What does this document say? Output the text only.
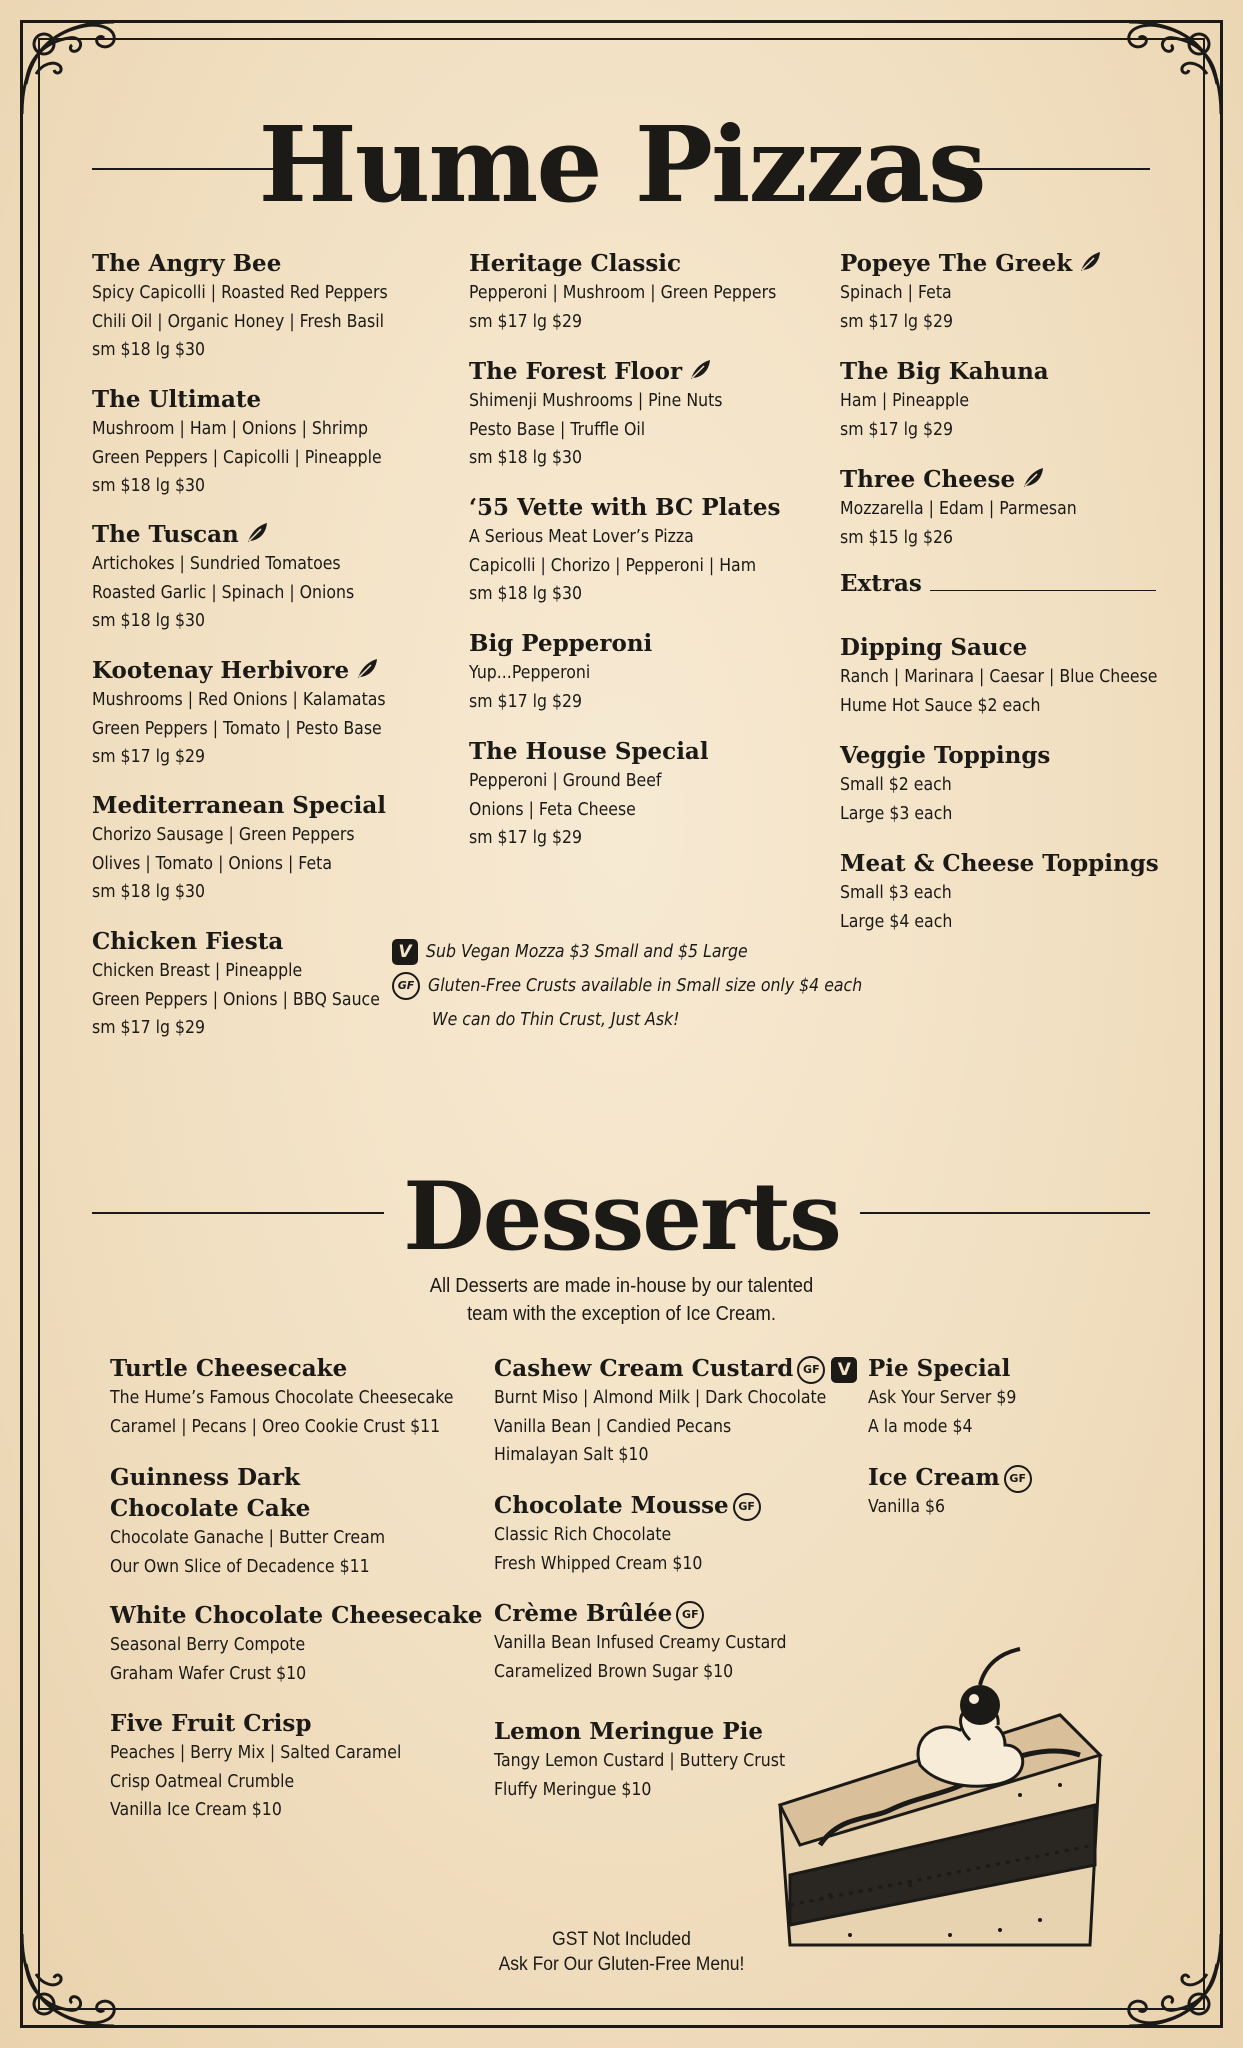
Hume Pizzas
The Angry Bee
Spicy Capicolli | Roasted Red Peppers
Chili Oil | Organic Honey | Fresh Basil
sm $18 lg $30
The Ultimate
Mushroom | Ham | Onions | Shrimp
Green Peppers | Capicolli | Pineapple
sm $18 lg $30
The Tuscan
Artichokes | Sundried Tomatoes
Roasted Garlic | Spinach | Onions
sm $18 lg $30
Kootenay Herbivore
Mushrooms | Red Onions | Kalamatas
Green Peppers | Tomato | Pesto Base
sm $17 lg $29
Mediterranean Special
Chorizo Sausage | Green Peppers
Olives | Tomato | Onions | Feta
sm $18 lg $30
Chicken Fiesta
Chicken Breast | Pineapple
Green Peppers | Onions | BBQ Sauce
sm $17 lg $29
Heritage Classic
Pepperoni | Mushroom | Green Peppers
sm $17 lg $29
The Forest Floor
Shimenji Mushrooms | Pine Nuts
Pesto Base | Truffle Oil
sm $18 lg $30
‘55 Vette with BC Plates
A Serious Meat Lover’s Pizza
Capicolli | Chorizo | Pepperoni | Ham
sm $18 lg $30
Big Pepperoni
Yup...Pepperoni
sm $17 lg $29
The House Special
Pepperoni | Ground Beef
Onions | Feta Cheese
sm $17 lg $29
Popeye The Greek
Spinach | Feta
sm $17 lg $29
The Big Kahuna
Ham | Pineapple
sm $17 lg $29
Three Cheese
Mozzarella | Edam | Parmesan
sm $15 lg $26
Extras
Dipping Sauce
Ranch | Marinara | Caesar | Blue Cheese
Hume Hot Sauce $2 each
Veggie Toppings
Small $2 each
Large $3 each
Meat & Cheese Toppings
Small $3 each
Large $4 each
V Sub Vegan Mozza $3 Small and $5 Large
GF Gluten-Free Crusts available in Small size only $4 each
We can do Thin Crust, Just Ask!
Desserts
All Desserts are made in-house by our talented
team with the exception of Ice Cream.
Turtle Cheesecake
The Hume’s Famous Chocolate Cheesecake
Caramel | Pecans | Oreo Cookie Crust $11
Guinness Dark
Chocolate Cake
Chocolate Ganache | Butter Cream
Our Own Slice of Decadence $11
White Chocolate Cheesecake
Seasonal Berry Compote
Graham Wafer Crust $10
Five Fruit Crisp
Peaches | Berry Mix | Salted Caramel
Crisp Oatmeal Crumble
Vanilla Ice Cream $10
Cashew Cream Custard GF V
Burnt Miso | Almond Milk | Dark Chocolate
Vanilla Bean | Candied Pecans
Himalayan Salt $10
Chocolate Mousse GF
Classic Rich Chocolate
Fresh Whipped Cream $10
Crème Brûlée GF
Vanilla Bean Infused Creamy Custard
Caramelized Brown Sugar $10
Lemon Meringue Pie
Tangy Lemon Custard | Buttery Crust
Fluffy Meringue $10
Pie Special
Ask Your Server $9
A la mode $4
Ice Cream GF
Vanilla $6
GST Not Included
Ask For Our Gluten-Free Menu!
